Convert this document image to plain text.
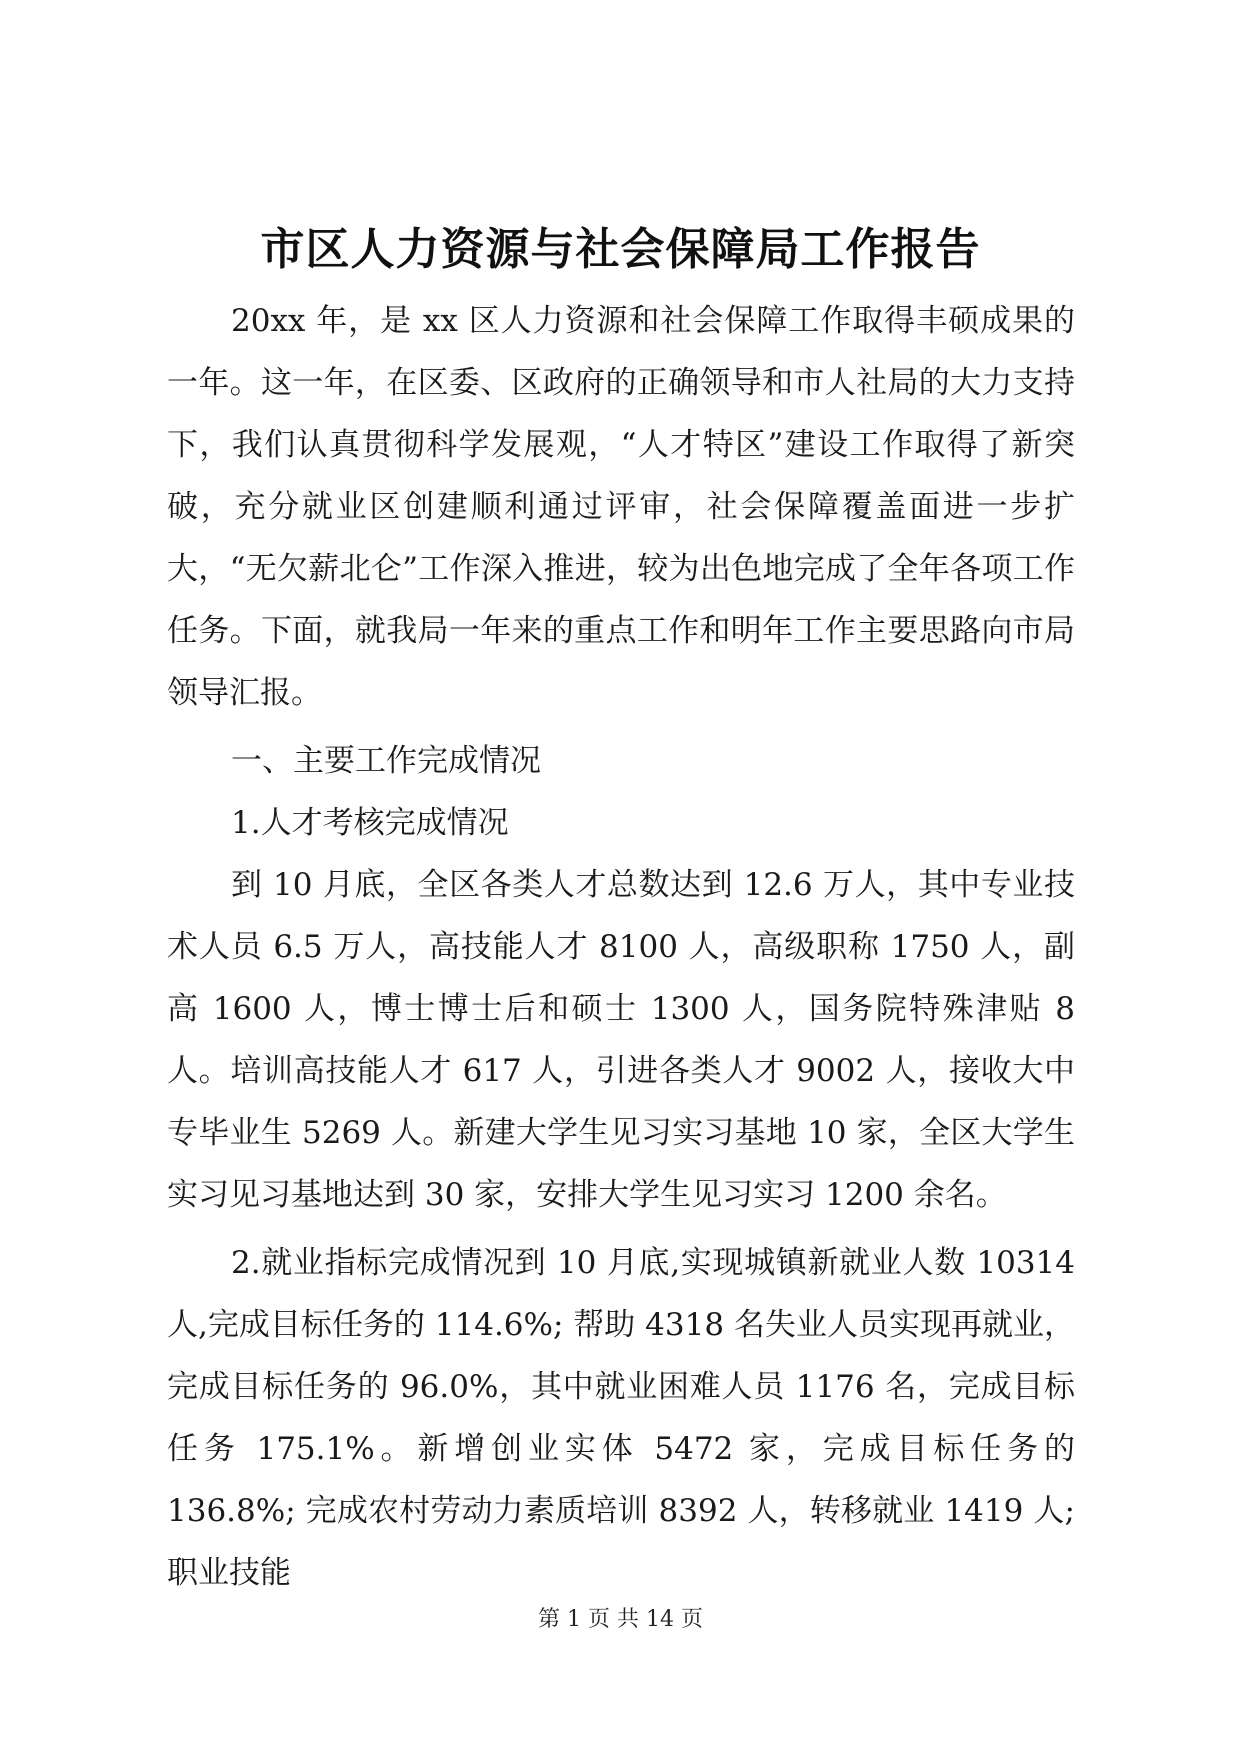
市区人力资源与社会保障局工作报告

20xx 年，是 xx 区人力资源和社会保障工作取得丰硕成果的一年。这一年，在区委、区政府的正确领导和市人社局的大力支持下，我们认真贯彻科学发展观，“人才特区”建设工作取得了新突破，充分就业区创建顺利通过评审，社会保障覆盖面进一步扩大，“无欠薪北仑”工作深入推进，较为出色地完成了全年各项工作任务。下面，就我局一年来的重点工作和明年工作主要思路向市局领导汇报。

一、主要工作完成情况

1.人才考核完成情况

到 10 月底，全区各类人才总数达到 12.6 万人，其中专业技术人员 6.5 万人，高技能人才 8100 人，高级职称 1750 人，副高 1600 人，博士博士后和硕士 1300 人，国务院特殊津贴 8 人。培训高技能人才 617 人，引进各类人才 9002 人，接收大中专毕业生 5269 人。新建大学生见习实习基地 10 家，全区大学生实习见习基地达到 30 家，安排大学生见习实习 1200 余名。

2.就业指标完成情况到 10 月底,实现城镇新就业人数 10314 人,完成目标任务的 114.6%; 帮助 4318 名失业人员实现再就业，完成目标任务的 96.0%，其中就业困难人员 1176 名，完成目标任务 175.1%。新增创业实体 5472 家，完成目标任务的 136.8%; 完成农村劳动力素质培训 8392 人，转移就业 1419 人; 职业技能

第 1 页 共 14 页
